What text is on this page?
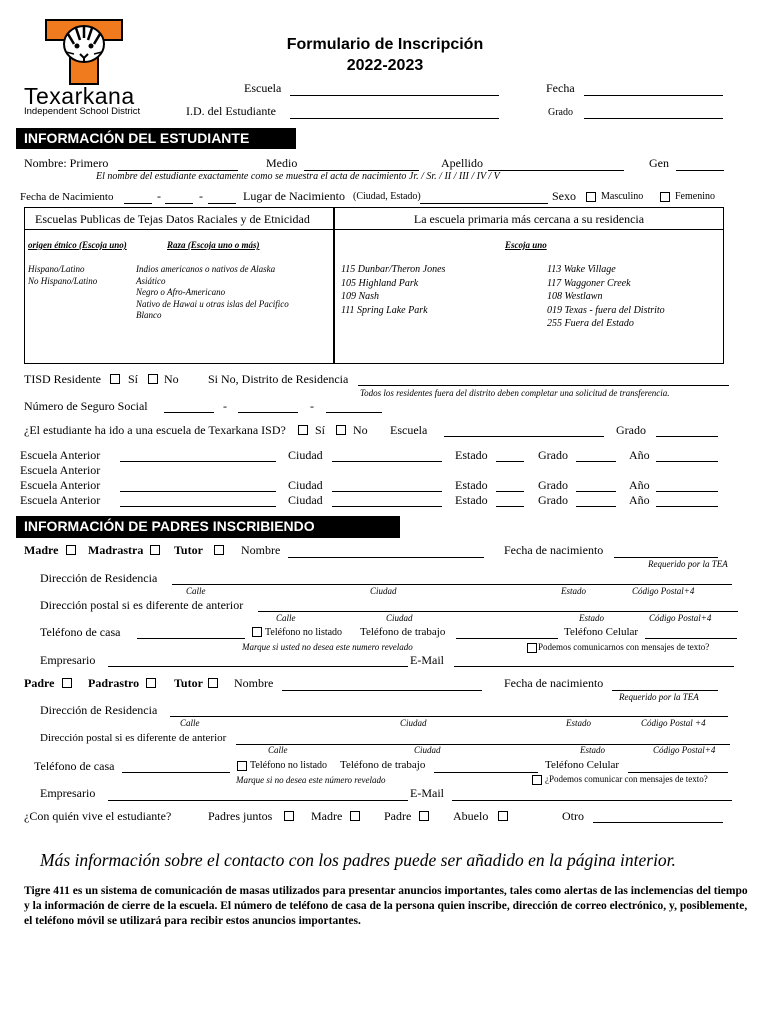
Texarkana
Independent School District
Formulario de Inscripción
2022-2023
Escuela
I.D. del Estudiante
Fecha
Grado
INFORMACIÓN DEL ESTUDIANTE
Nombre: Primero	Medio	Apellido	Gen
El nombre del estudiante exactamente como se muestra el acta de nacimiento Jr. / Sr. / II / III / IV / V
Fecha de Nacimiento	-	-	Lugar de Nacimiento (Ciudad, Estado)	Sexo	Masculino	Femenino
Escuelas Publicas de Tejas Datos Raciales y de Etnicidad
origen étnico (Escoja uno)	Raza (Escoja uno o más)
Hispano/Latino
No Hispano/Latino
Indios americanos o nativos de Alaska
Asiático
Negro o Afro-Americano
Nativo de Hawai u otras islas del Pacifico
Blanco
La escuela primaria más cercana a su residencia
Escoja uno
115 Dunbar/Theron Jones
105 Highland Park
109 Nash
111 Spring Lake Park
113 Wake Village
117 Waggoner Creek
108 Westlawn
019 Texas - fuera del Distrito
255 Fuera del Estado
TISD Residente Sí No Si No, Distrito de Residencia
Todos los residentes fuera del distrito deben completar una solicitud de transferencia.
Número de Seguro Social	-	-
¿El estudiante ha ido a una escuela de Texarkana ISD? Sí No Escuela	Grado
Escuela Anterior	Ciudad	Estado	Grado	Año
Escuela Anterior
Escuela Anterior	Ciudad	Estado	Grado	Año
Escuela Anterior	Ciudad	Estado	Grado	Año
INFORMACIÓN DE PADRES INSCRIBIENDO
Madre Madrastra	Tutor	Nombre	Fecha de nacimiento
Requerido por la TEA
Dirección de Residencia
Calle	Ciudad	Estado	Código Postal+4
Dirección postal si es diferente de anterior
Calle	Ciudad	Estado	Código Postal+4
Teléfono de casa	Teléfono no listado Teléfono de trabajo	Teléfono Celular
Marque si usted no desea este numero revelado	Podemos comunicarnos con mensajes de texto?
Empresario	E-Mail
Padre	Padrastro	Tutor	Nombre	Fecha de nacimiento
Requerido por la TEA
Dirección de Residencia
Calle	Ciudad	Estado	Código Postal +4
Dirección postal si es diferente de anterior
Calle	Ciudad	Estado	Código Postal+4
Teléfono de casa	Teléfono no listado Teléfono de trabajo	Teléfono Celular
Marque si no desea este número revelado	¿Podemos comunicar con mensajes de texto?
Empresario	E-Mail
¿Con quién vive el estudiante?	Padres juntos	Madre	Padre	Abuelo	Otro
Más información sobre el contacto con los padres puede ser añadido en la página interior.
Tigre 411 es un sistema de comunicación de masas utilizados para presentar anuncios importantes, tales como alertas de las inclemencias del tiempo y la información de cierre de la escuela. El número de teléfono de casa de la persona quien inscribe, dirección de correo electrónico, y, posiblemente, el teléfono móvil se utilizará para recibir estos anuncios importantes.
